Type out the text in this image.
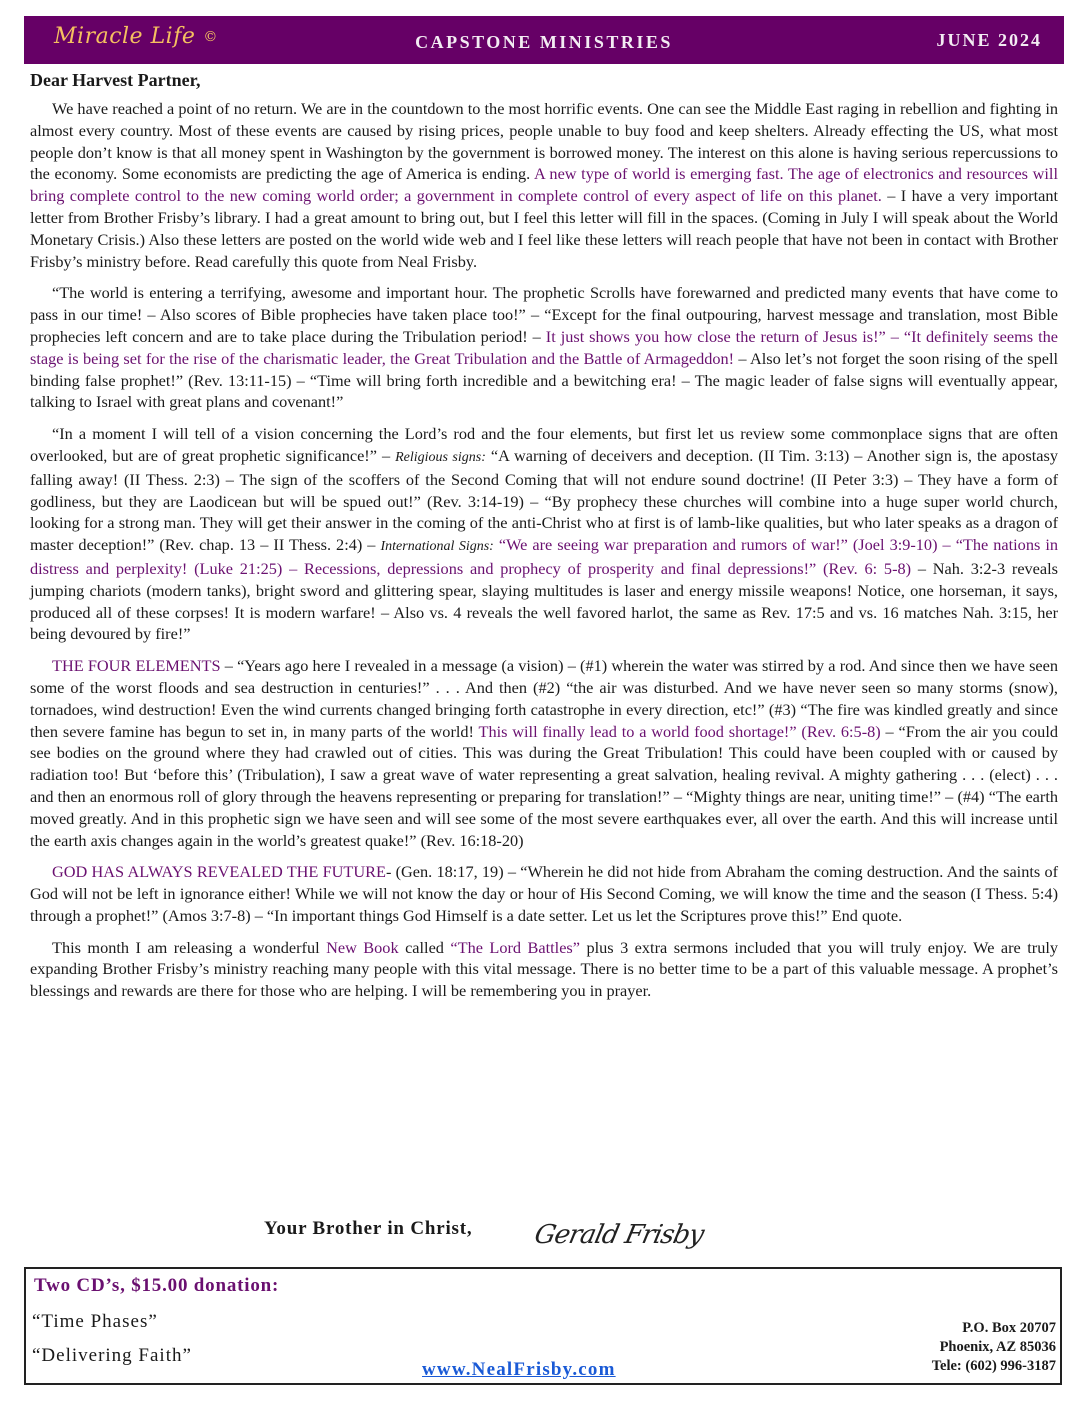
Miracle Life ©	CAPSTONE MINISTRIES	JUNE 2024
Dear Harvest Partner,

We have reached a point of no return. We are in the countdown to the most horrific events. One can see the Middle East raging in rebellion and fighting in almost every country. Most of these events are caused by rising prices, people unable to buy food and keep shelters. Already effecting the US, what most people don’t know is that all money spent in Washington by the government is borrowed money. The interest on this alone is having serious repercussions to the economy. Some economists are predicting the age of America is ending. A new type of world is emerging fast. The age of electronics and resources will bring complete control to the new coming world order; a government in complete control of every aspect of life on this planet. – I have a very important letter from Brother Frisby’s library. I had a great amount to bring out, but I feel this letter will fill in the spaces. (Coming in July I will speak about the World Monetary Crisis.) Also these letters are posted on the world wide web and I feel like these letters will reach people that have not been in contact with Brother Frisby’s ministry before. Read carefully this quote from Neal Frisby.

“The world is entering a terrifying, awesome and important hour. The prophetic Scrolls have forewarned and predicted many events that have come to pass in our time! – Also scores of Bible prophecies have taken place too!” – “Except for the final outpouring, harvest message and translation, most Bible prophecies left concern and are to take place during the Tribulation period! – It just shows you how close the return of Jesus is!” – “It definitely seems the stage is being set for the rise of the charismatic leader, the Great Tribulation and the Battle of Armageddon! – Also let’s not forget the soon rising of the spell binding false prophet!” (Rev. 13:11-15) – “Time will bring forth incredible and a bewitching era! – The magic leader of false signs will eventually appear, talking to Israel with great plans and covenant!”

“In a moment I will tell of a vision concerning the Lord’s rod and the four elements, but first let us review some commonplace signs that are often overlooked, but are of great prophetic significance!” – Religious signs: “A warning of deceivers and deception. (II Tim. 3:13) – Another sign is, the apostasy falling away! (II Thess. 2:3) – The sign of the scoffers of the Second Coming that will not endure sound doctrine! (II Peter 3:3) – They have a form of godliness, but they are Laodicean but will be spued out!” (Rev. 3:14-19) – “By prophecy these churches will combine into a huge super world church, looking for a strong man. They will get their answer in the coming of the anti-Christ who at first is of lamb-like qualities, but who later speaks as a dragon of master deception!” (Rev. chap. 13 – II Thess. 2:4) – International Signs: “We are seeing war preparation and rumors of war!” (Joel 3:9-10) – “The nations in distress and perplexity! (Luke 21:25) – Recessions, depressions and prophecy of prosperity and final depressions!” (Rev. 6: 5-8) – Nah. 3:2-3 reveals jumping chariots (modern tanks), bright sword and glittering spear, slaying multitudes is laser and energy missile weapons! Notice, one horseman, it says, produced all of these corpses! It is modern warfare! – Also vs. 4 reveals the well favored harlot, the same as Rev. 17:5 and vs. 16 matches Nah. 3:15, her being devoured by fire!”

THE FOUR ELEMENTS – “Years ago here I revealed in a message (a vision) – (#1) wherein the water was stirred by a rod. And since then we have seen some of the worst floods and sea destruction in centuries!” . . . And then (#2) “the air was disturbed. And we have never seen so many storms (snow), tornadoes, wind destruction! Even the wind currents changed bringing forth catastrophe in every direction, etc!” (#3) “The fire was kindled greatly and since then severe famine has begun to set in, in many parts of the world! This will finally lead to a world food shortage!” (Rev. 6:5-8) – “From the air you could see bodies on the ground where they had crawled out of cities. This was during the Great Tribulation! This could have been coupled with or caused by radiation too! But ‘before this’ (Tribulation), I saw a great wave of water representing a great salvation, healing revival. A mighty gathering . . . (elect) . . . and then an enormous roll of glory through the heavens representing or preparing for translation!” – “Mighty things are near, uniting time!” – (#4) “The earth moved greatly. And in this prophetic sign we have seen and will see some of the most severe earthquakes ever, all over the earth. And this will increase until the earth axis changes again in the world’s greatest quake!” (Rev. 16:18-20)

GOD HAS ALWAYS REVEALED THE FUTURE- (Gen. 18:17, 19) – “Wherein he did not hide from Abraham the coming destruction. And the saints of God will not be left in ignorance either! While we will not know the day or hour of His Second Coming, we will know the time and the season (I Thess. 5:4) through a prophet!” (Amos 3:7-8) – “In important things God Himself is a date setter. Let us let the Scriptures prove this!” End quote.

This month I am releasing a wonderful New Book called “The Lord Battles” plus 3 extra sermons included that you will truly enjoy. We are truly expanding Brother Frisby’s ministry reaching many people with this vital message. There is no better time to be a part of this valuable message. A prophet’s blessings and rewards are there for those who are helping. I will be remembering you in prayer.

Your Brother in Christ, Gerald Frisby
Two CD’s, $15.00 donation:
“Time Phases”
“Delivering Faith”
www.NealFrisby.com
P.O. Box 20707
Phoenix, AZ 85036
Tele: (602) 996-3187
